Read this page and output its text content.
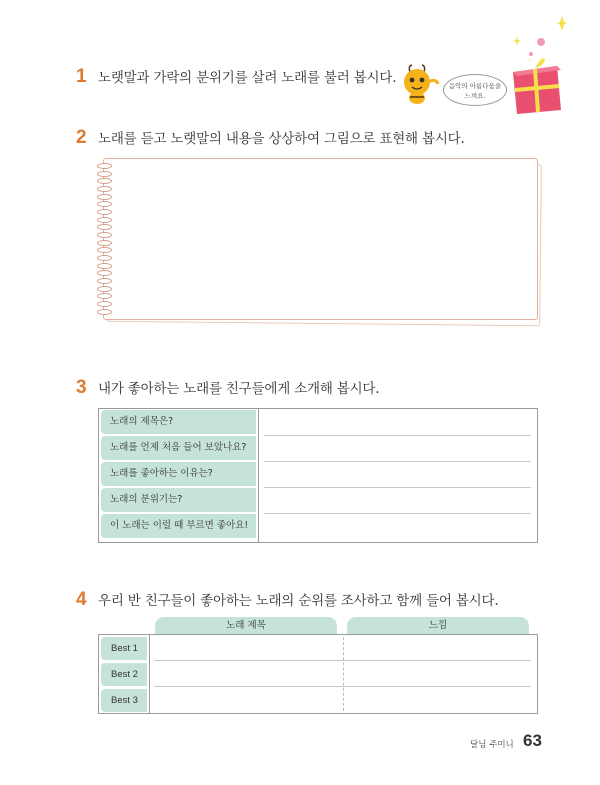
1 노랫말과 가락의 분위기를 살려 노래를 불러 봅시다.	음악의 아름다움을
느껴요.
2 노래를 듣고 노랫말의 내용을 상상하여 그림으로 표현해 봅시다.
3 내가 좋아하는 노래를 친구들에게 소개해 봅시다.
노래의 제목은?
노래를 언제 처음 들어 보았나요?
노래를 좋아하는 이유는?
노래의 분위기는?
이 노래는 이럴 때 부르면 좋아요!
4 우리 반 친구들이 좋아하는 노래의 순위를 조사하고 함께 들어 봅시다.
노래 제목	느낌
Best 1
Best 2
Best 3
달님 주미니 63
